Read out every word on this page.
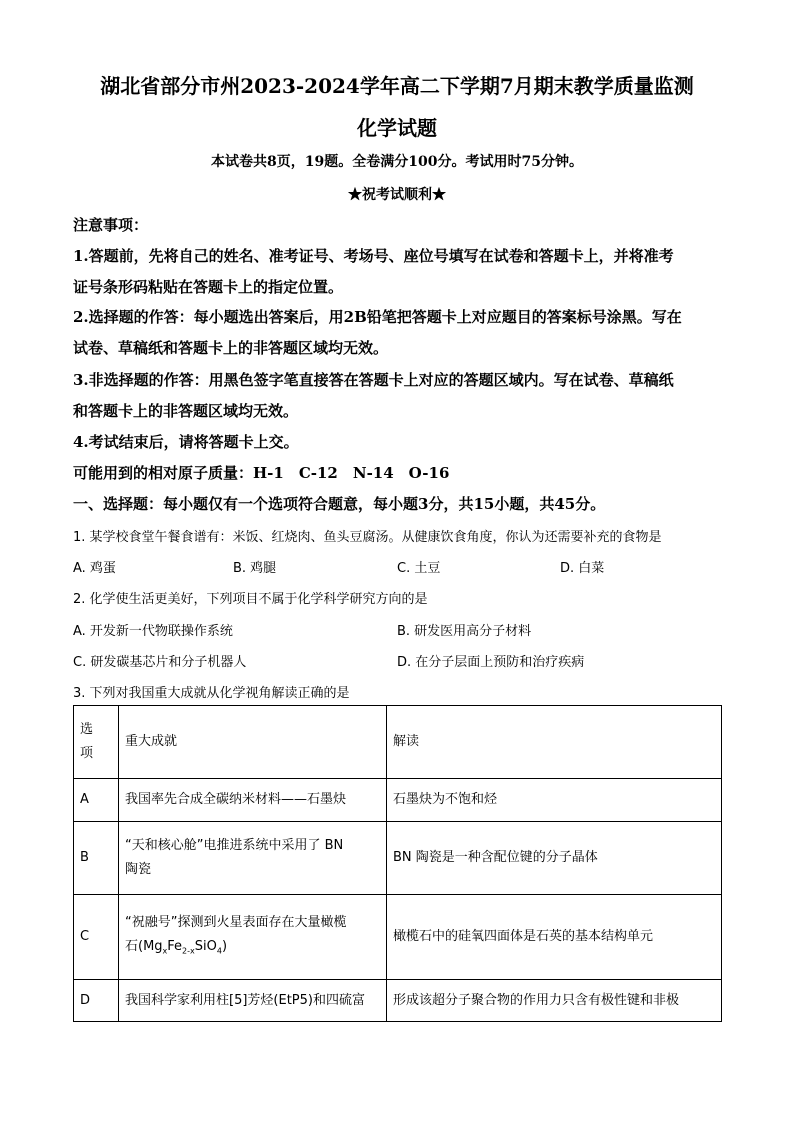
湖北省部分市州2023-2024学年高二下学期7月期末教学质量监测
化学试题
本试卷共8页，19题。全卷满分100分。考试用时75分钟。
★祝考试顺利★
注意事项：
1.答题前，先将自己的姓名、准考证号、考场号、座位号填写在试卷和答题卡上，并将准考
证号条形码粘贴在答题卡上的指定位置。
2.选择题的作答：每小题选出答案后，用2B铅笔把答题卡上对应题目的答案标号涂黑。写在
试卷、草稿纸和答题卡上的非答题区域均无效。
3.非选择题的作答：用黑色签字笔直接答在答题卡上对应的答题区域内。写在试卷、草稿纸
和答题卡上的非答题区域均无效。
4.考试结束后，请将答题卡上交。
可能用到的相对原子质量：H-1　C-12　N-14　O-16
一、选择题：每小题仅有一个选项符合题意，每小题3分，共15小题，共45分。
1. 某学校食堂午餐食谱有：米饭、红烧肉、鱼头豆腐汤。从健康饮食角度，你认为还需要补充的食物是
A. 鸡蛋	B. 鸡腿	C. 土豆	D. 白菜
2. 化学使生活更美好，下列项目不属于化学科学研究方向的是
A. 开发新一代物联操作系统	B. 研发医用高分子材料
C. 研发碳基芯片和分子机器人	D. 在分子层面上预防和治疗疾病
3. 下列对我国重大成就从化学视角解读正确的是
选
项	重大成就	解读
A	我国率先合成全碳纳米材料——石墨炔	石墨炔为不饱和烃
B	“天和核心舱”电推进系统中采用了 BN
陶瓷	BN 陶瓷是一种含配位键的分子晶体
C	“祝融号”探测到火星表面存在大量橄榄
石$(Mg_xFe_{2-x}SiO_4)$	橄榄石中的硅氧四面体是石英的基本结构单元
D	我国科学家利用柱[5]芳烃(EtP5)和四硫富	形成该超分子聚合物的作用力只含有极性键和非极
